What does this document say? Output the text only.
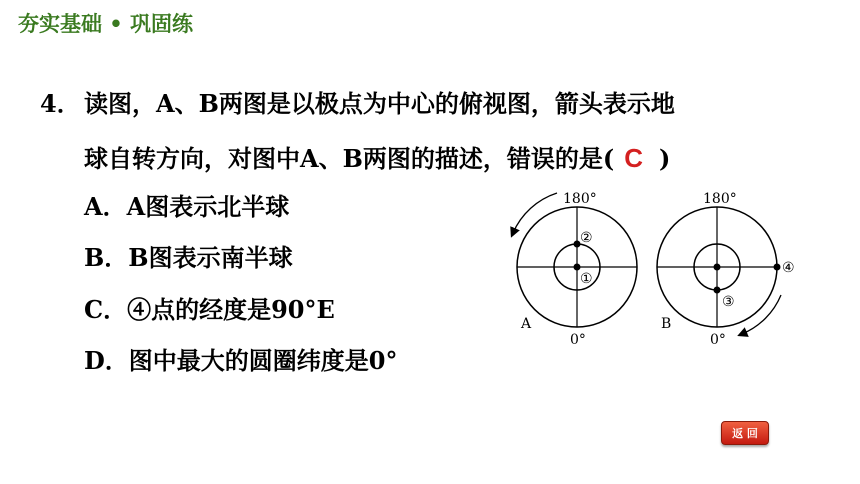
夯实基础 • 巩固练
4． 读图，A、B两图是以极点为中心的俯视图，箭头表示地
球自转方向，对图中A、B两图的描述，错误的是( C )
A．A图表示北半球
B．B图表示南半球
C．④点的经度是90°E
D．图中最大的圆圈纬度是0°
180°
0°
A
②
①
180°
0°
B
③
④
返 回
